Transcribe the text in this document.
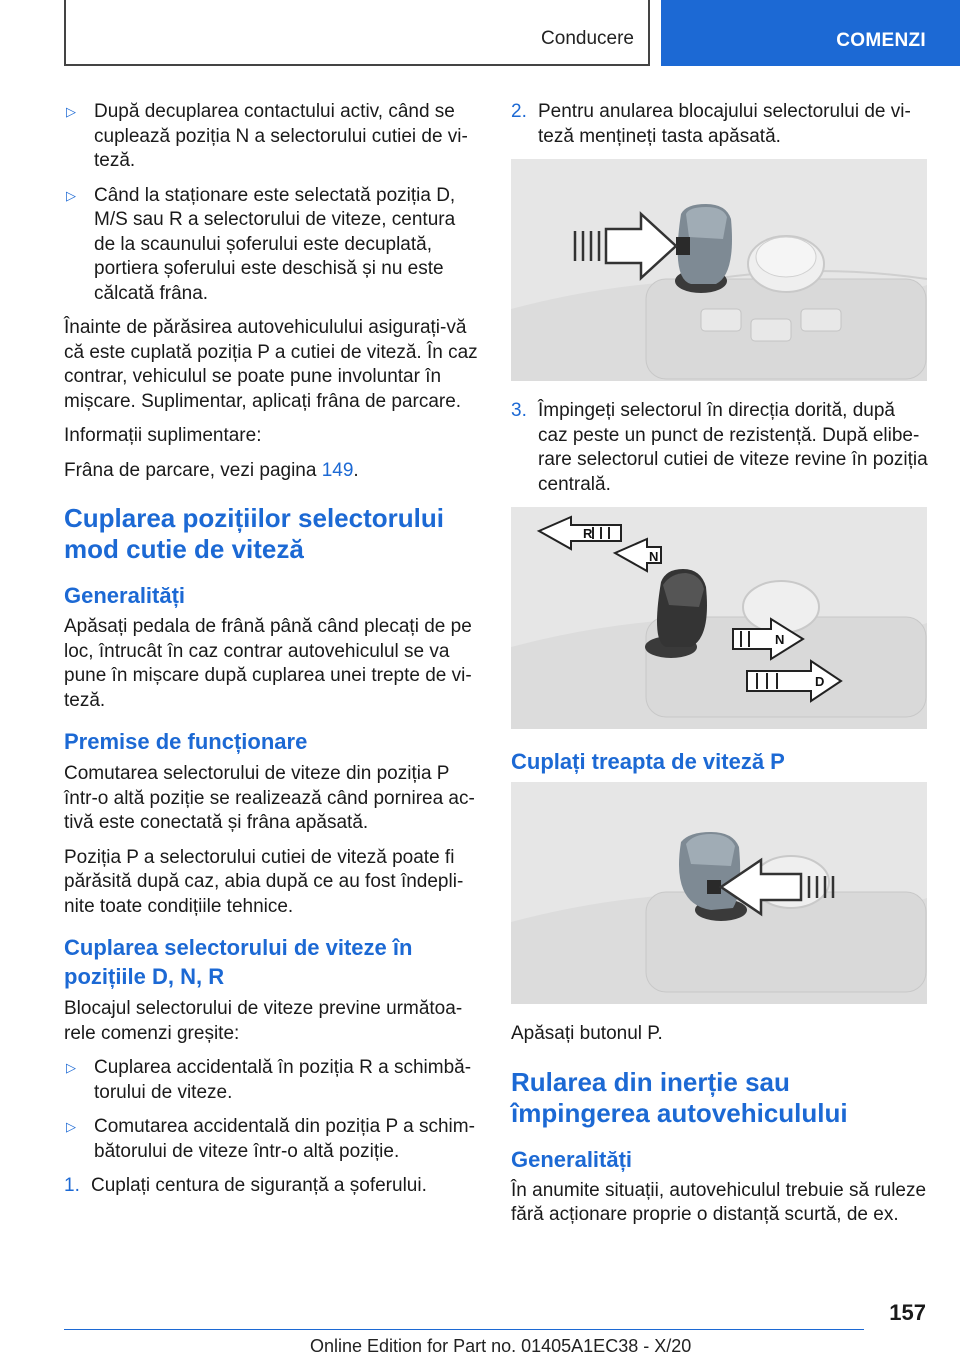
Conducere	COMENZI
▷ După decuplarea contactului activ, când se cuplează poziția N a selectorului cutiei de vi-teză.
▷ Când la staționare este selectată poziția D, M/S sau R a selectorului de viteze, centura de la scaunului șoferului este decuplată, portiera șoferului este deschisă și nu este călcată frâna.

Înainte de părăsirea autovehiculului asigurați-vă că este cuplată poziția P a cutiei de viteză. În caz contrar, vehiculul se poate pune involuntar în mișcare. Suplimentar, aplicați frâna de parcare.

Informații suplimentare:

Frâna de parcare, vezi pagina 149.

Cuplarea pozițiilor selectorului mod cutie de viteză
Generalități

Apăsați pedala de frână până când plecați de pe loc, întrucât în caz contrar autovehiculul se va pune în mișcare după cuplarea unei trepte de vi-teză.

Premise de funcționare

Comutarea selectorului de viteze din poziția P într-o altă poziție se realizează când pornirea ac-tivă este conectată și frâna apăsată.

Poziția P a selectorului cutiei de viteză poate fi părăsită după caz, abia după ce au fost îndepli-nite toate condițiile tehnice.

Cuplarea selectorului de viteze în pozițiile D, N, R

Blocajul selectorului de viteze previne următoa-rele comenzi greșite:

▷ Cuplarea accidentală în poziția R a schimbă-torului de viteze.
▷ Comutarea accidentală din poziția P a schim-bătorului de viteze într-o altă poziție.
1. Cuplați centura de siguranță a șoferului.
2. Pentru anularea blocajului selectorului de vi-teză mențineți tasta apăsată.
3. Împingeți selectorul în direcția dorită, după caz peste un punct de rezistență. După elibe-rare selectorul cutiei de viteze revine în poziția centrală.
R
N
N
D
Cuplați treapta de viteză P

Apăsați butonul P.

Rularea din inerție sau împingerea autovehiculului
Generalități

În anumite situații, autovehiculul trebuie să ruleze fără acționare proprie o distanță scurtă, de ex.

157
Online Edition for Part no. 01405A1EC38 - X/20
